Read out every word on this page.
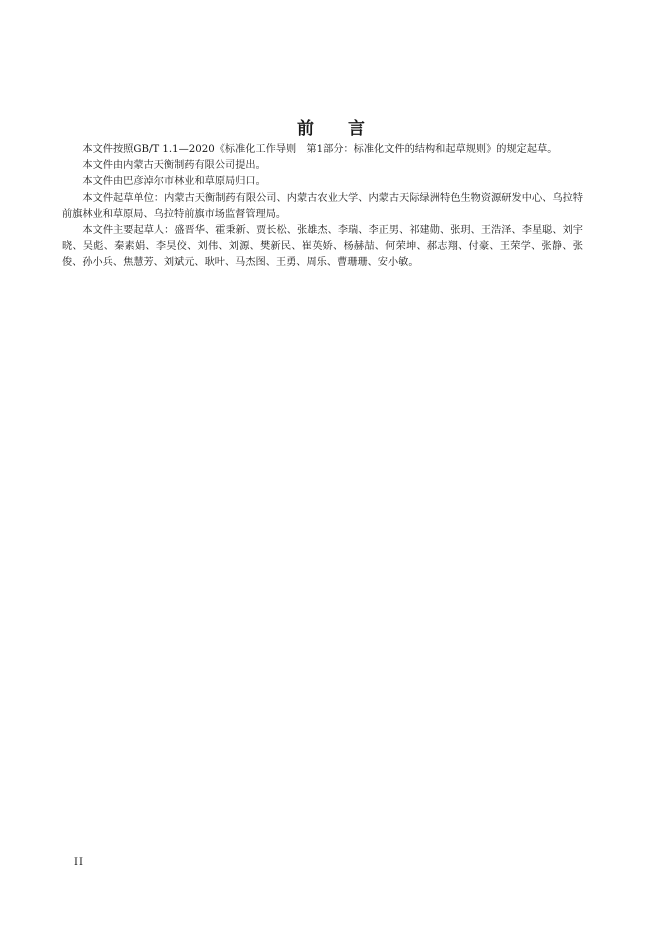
前 言

本文件按照GB/T 1.1—2020《标准化工作导则　第1部分：标准化文件的结构和起草规则》的规定起草。

本文件由内蒙古天衡制药有限公司提出。

本文件由巴彦淖尔市林业和草原局归口。

本文件起草单位：内蒙古天衡制药有限公司、内蒙古农业大学、内蒙古天际绿洲特色生物资源研发中心、乌拉特前旗林业和草原局、乌拉特前旗市场监督管理局。

本文件主要起草人：盛晋华、霍秉新、贾长松、张雄杰、李瑞、李正男、祁建勋、张玥、王浩泽、李星聪、刘宇晓、吴彪、秦素娟、李昊佼、刘伟、刘源、樊新民、崔英娇、杨赫喆、何荣坤、郝志翔、付豪、王荣学、张静、张俊、孙小兵、焦慧芳、刘斌元、耿叶、马杰图、王勇、周乐、曹珊珊、安小敏。

II
